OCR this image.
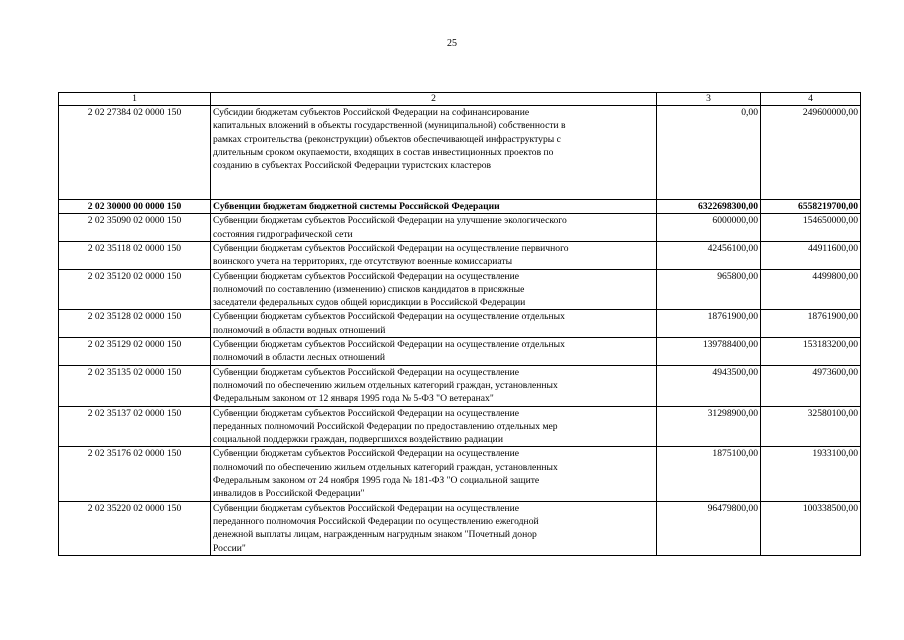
25
1	2	3	4
2 02 27384 02 0000 150	Субсидии бюджетам субъектов Российской Федерации на софинансирование
капитальных вложений в объекты государственной (муниципальной) собственности в
рамках строительства (реконструкции) объектов обеспечивающей инфраструктуры с
длительным сроком окупаемости, входящих в состав инвестиционных проектов по
созданию в субъектах Российской Федерации туристских кластеров	0,00	249600000,00
2 02 30000 00 0000 150	Субвенции бюджетам бюджетной системы Российской Федерации	6322698300,00	6558219700,00
2 02 35090 02 0000 150	Субвенции бюджетам субъектов Российской Федерации на улучшение экологического
состояния гидрографической сети	6000000,00	154650000,00
2 02 35118 02 0000 150	Субвенции бюджетам субъектов Российской Федерации на осуществление первичного
воинского учета на территориях, где отсутствуют военные комиссариаты	42456100,00	44911600,00
2 02 35120 02 0000 150	Субвенции бюджетам субъектов Российской Федерации на осуществление
полномочий по составлению (изменению) списков кандидатов в присяжные
заседатели федеральных судов общей юрисдикции в Российской Федерации	965800,00	4499800,00
2 02 35128 02 0000 150	Субвенции бюджетам субъектов Российской Федерации на осуществление отдельных
полномочий в области водных отношений	18761900,00	18761900,00
2 02 35129 02 0000 150	Субвенции бюджетам субъектов Российской Федерации на осуществление отдельных
полномочий в области лесных отношений	139788400,00	153183200,00
2 02 35135 02 0000 150	Субвенции бюджетам субъектов Российской Федерации на осуществление
полномочий по обеспечению жильем отдельных категорий граждан, установленных
Федеральным законом от 12 января 1995 года № 5-ФЗ "О ветеранах"	4943500,00	4973600,00
2 02 35137 02 0000 150	Субвенции бюджетам субъектов Российской Федерации на осуществление
переданных полномочий Российской Федерации по предоставлению отдельных мер
социальной поддержки граждан, подвергшихся воздействию радиации	31298900,00	32580100,00
2 02 35176 02 0000 150	Субвенции бюджетам субъектов Российской Федерации на осуществление
полномочий по обеспечению жильем отдельных категорий граждан, установленных
Федеральным законом от 24 ноября 1995 года № 181-ФЗ "О социальной защите
инвалидов в Российской Федерации"	1875100,00	1933100,00
2 02 35220 02 0000 150	Субвенции бюджетам субъектов Российской Федерации на осуществление
переданного полномочия Российской Федерации по осуществлению ежегодной
денежной выплаты лицам, награжденным нагрудным знаком "Почетный донор
России"	96479800,00	100338500,00
